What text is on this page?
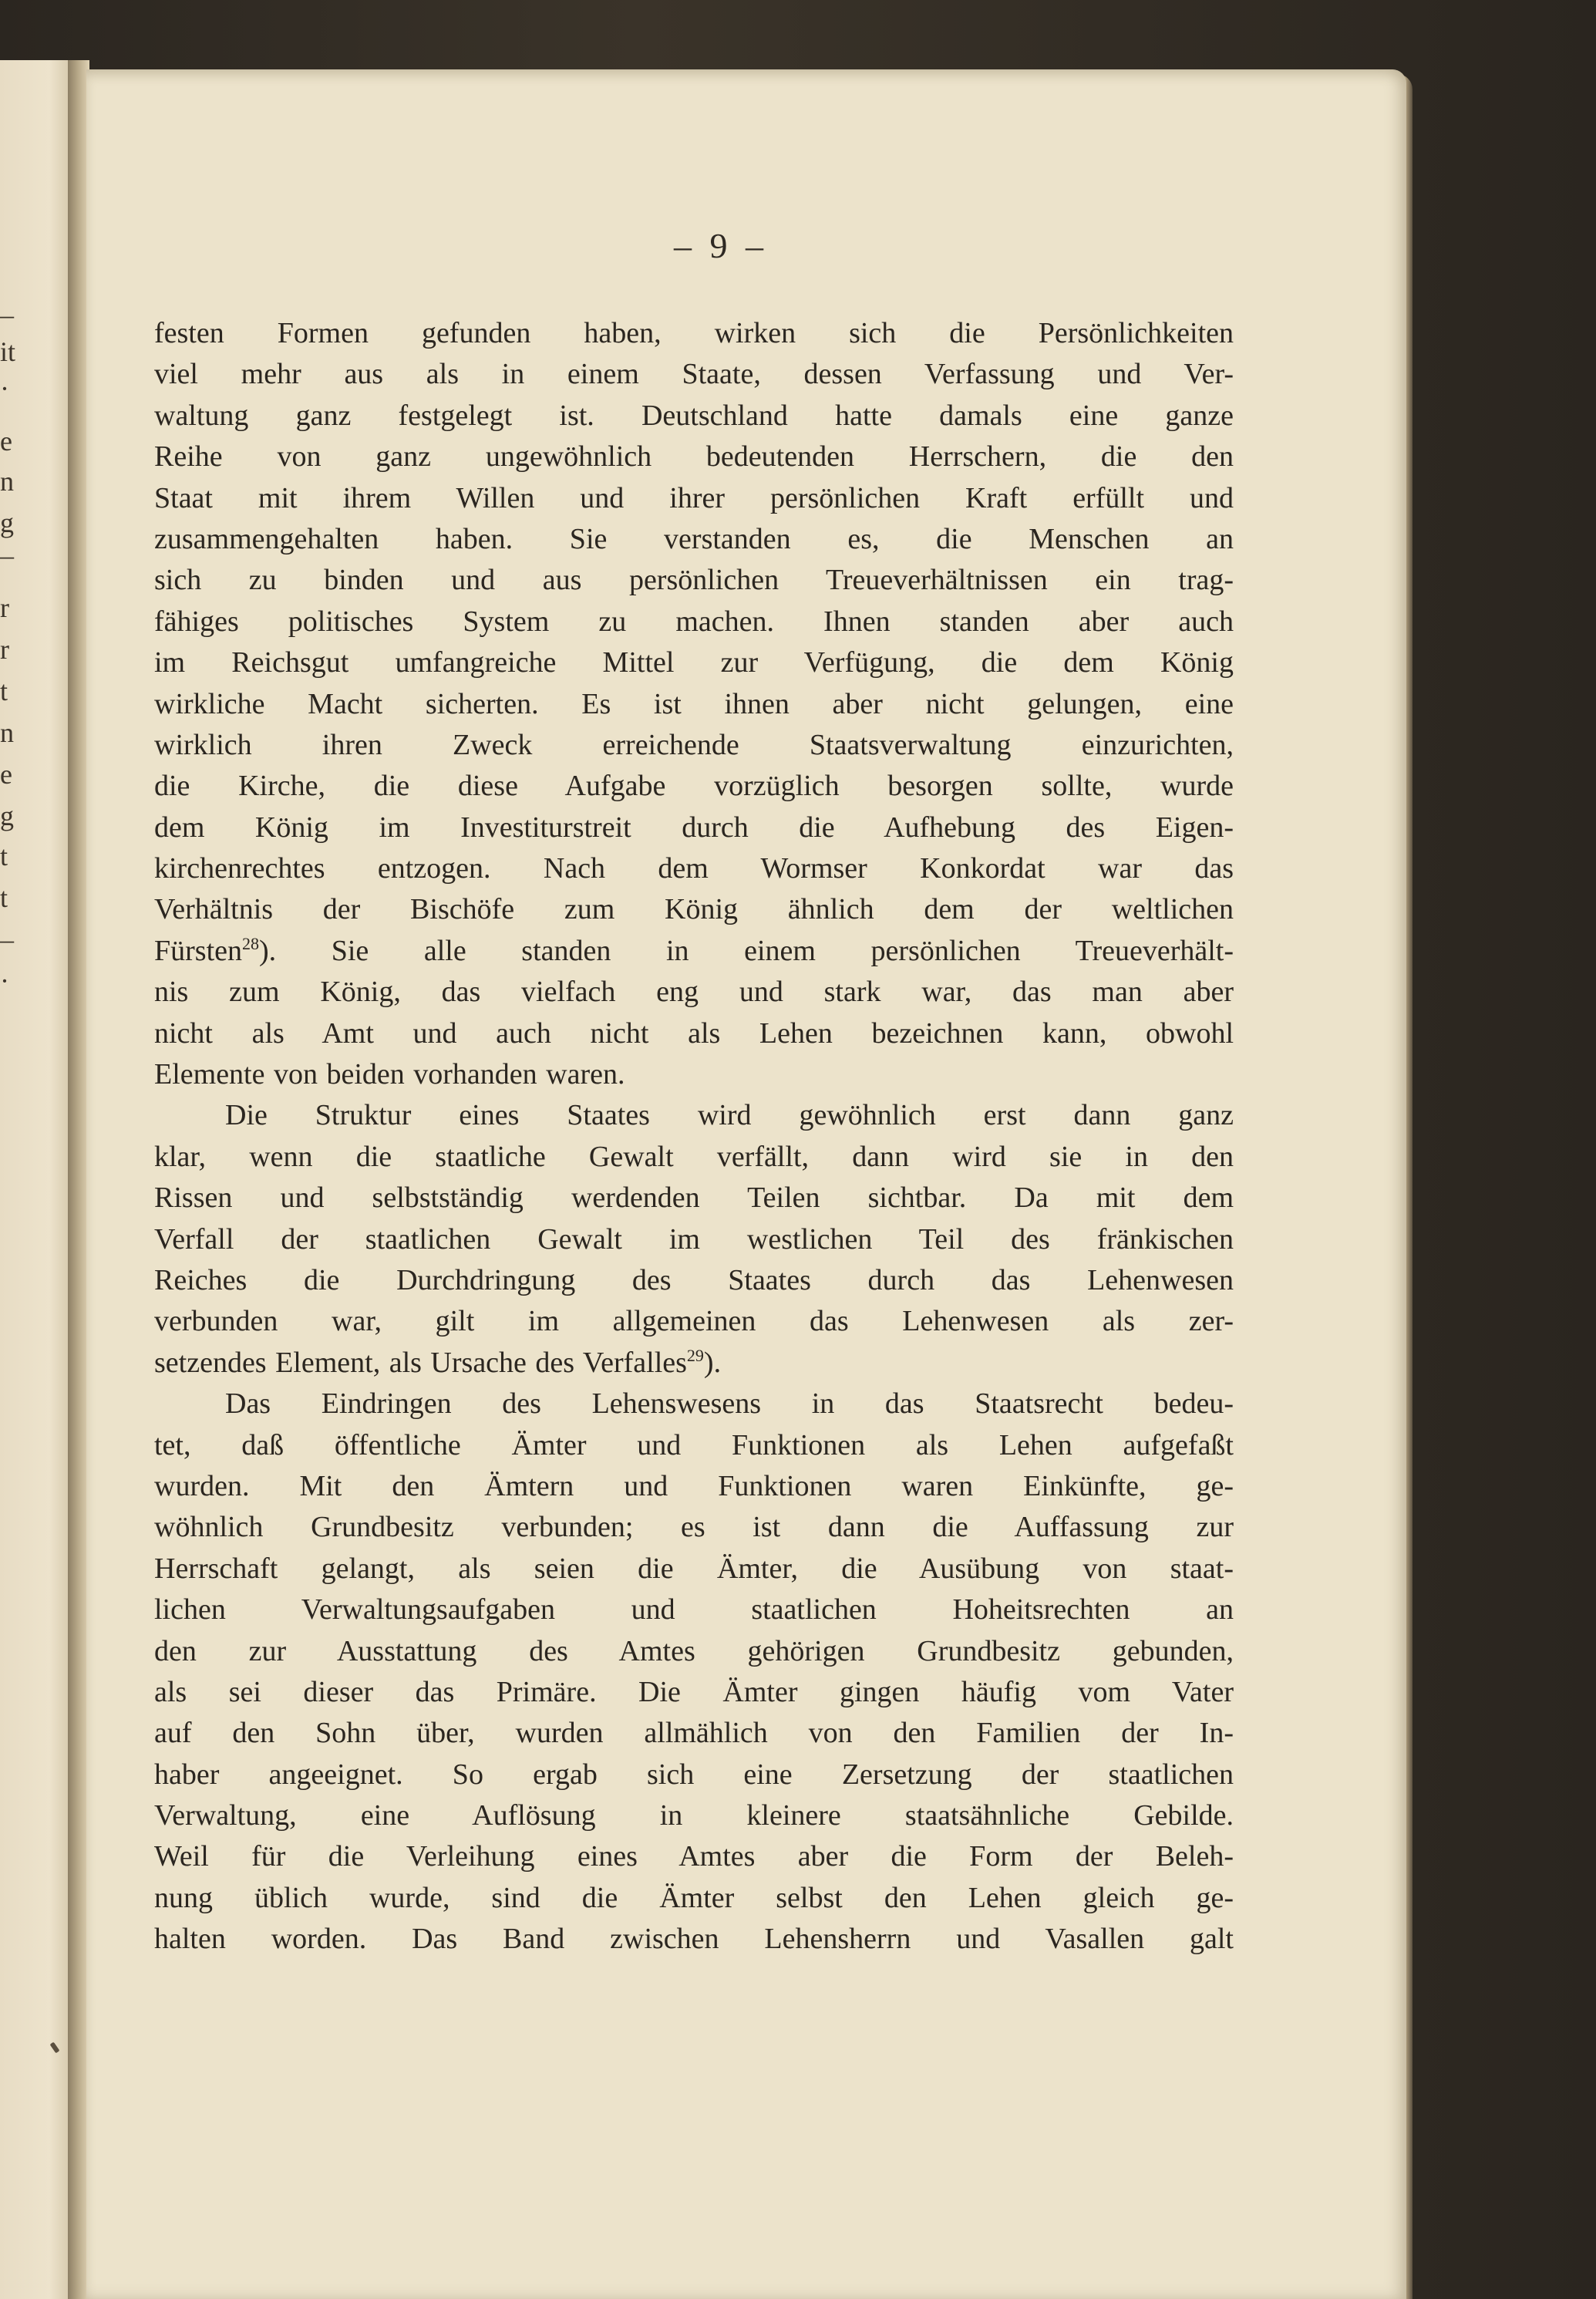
–
it
·
e
n
g
–
r
r
t
n
e
g
t
t
–
·
– 9 –
festen Formen gefunden haben, wirken sich die Persönlichkeiten
viel mehr aus als in einem Staate, dessen Verfassung und Ver-
waltung ganz festgelegt ist. Deutschland hatte damals eine ganze
Reihe von ganz ungewöhnlich bedeutenden Herrschern, die den
Staat mit ihrem Willen und ihrer persönlichen Kraft erfüllt und
zusammengehalten haben. Sie verstanden es, die Menschen an
sich zu binden und aus persönlichen Treueverhältnissen ein trag-
fähiges politisches System zu machen. Ihnen standen aber auch
im Reichsgut umfangreiche Mittel zur Verfügung, die dem König
wirkliche Macht sicherten. Es ist ihnen aber nicht gelungen, eine
wirklich ihren Zweck erreichende Staatsverwaltung einzurichten,
die Kirche, die diese Aufgabe vorzüglich besorgen sollte, wurde
dem König im Investiturstreit durch die Aufhebung des Eigen-
kirchenrechtes entzogen. Nach dem Wormser Konkordat war das
Verhältnis der Bischöfe zum König ähnlich dem der weltlichen
Fürsten$^{28}$). Sie alle standen in einem persönlichen Treueverhält-
nis zum König, das vielfach eng und stark war, das man aber
nicht als Amt und auch nicht als Lehen bezeichnen kann, obwohl
Elemente von beiden vorhanden waren.
Die Struktur eines Staates wird gewöhnlich erst dann ganz
klar, wenn die staatliche Gewalt verfällt, dann wird sie in den
Rissen und selbstständig werdenden Teilen sichtbar. Da mit dem
Verfall der staatlichen Gewalt im westlichen Teil des fränkischen
Reiches die Durchdringung des Staates durch das Lehenwesen
verbunden war, gilt im allgemeinen das Lehenwesen als zer-
setzendes Element, als Ursache des Verfalles$^{29}$).
Das Eindringen des Lehenswesens in das Staatsrecht bedeu-
tet, daß öffentliche Ämter und Funktionen als Lehen aufgefaßt
wurden. Mit den Ämtern und Funktionen waren Einkünfte, ge-
wöhnlich Grundbesitz verbunden; es ist dann die Auffassung zur
Herrschaft gelangt, als seien die Ämter, die Ausübung von staat-
lichen Verwaltungsaufgaben und staatlichen Hoheitsrechten an
den zur Ausstattung des Amtes gehörigen Grundbesitz gebunden,
als sei dieser das Primäre. Die Ämter gingen häufig vom Vater
auf den Sohn über, wurden allmählich von den Familien der In-
haber angeeignet. So ergab sich eine Zersetzung der staatlichen
Verwaltung, eine Auflösung in kleinere staatsähnliche Gebilde.
Weil für die Verleihung eines Amtes aber die Form der Beleh-
nung üblich wurde, sind die Ämter selbst den Lehen gleich ge-
halten worden. Das Band zwischen Lehensherrn und Vasallen galt
